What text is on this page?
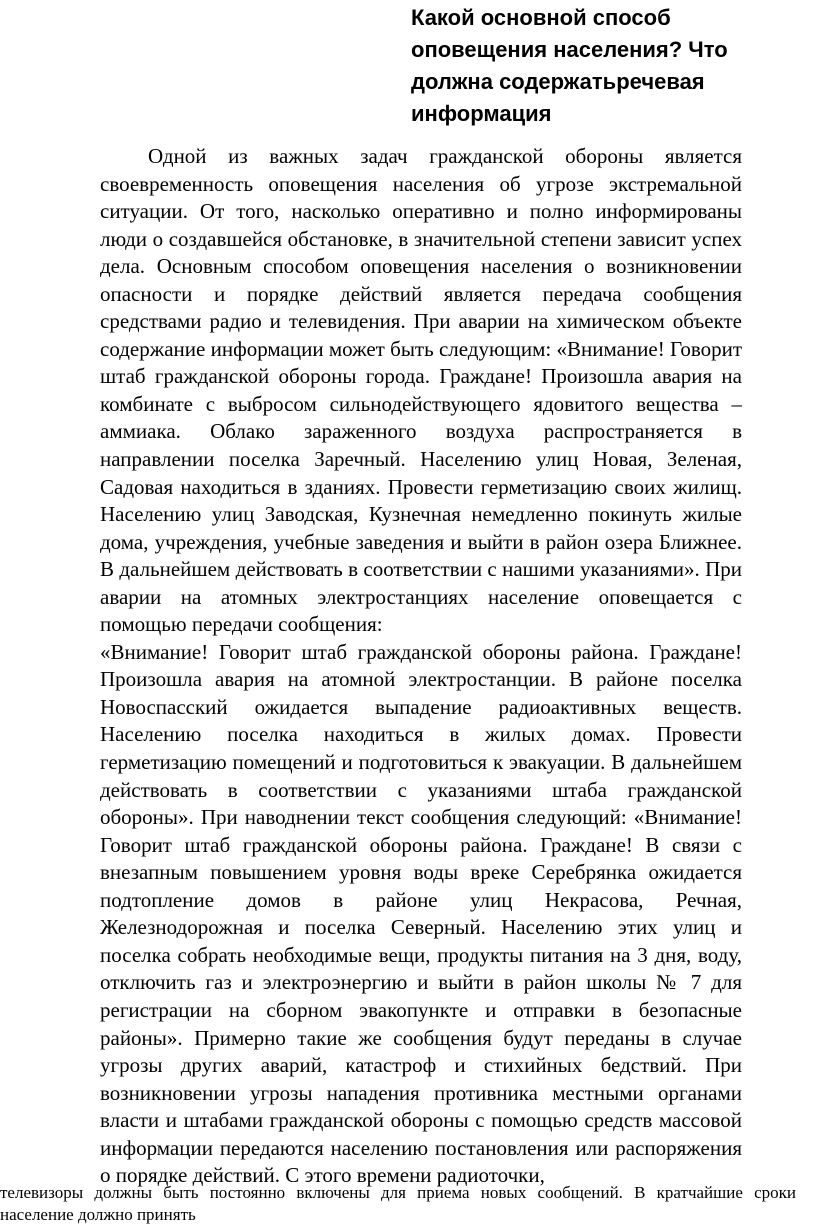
Какой основной способ оповещения населения? Что должна содержатьречевая информация

Одной из важных задач гражданской обороны является своевременность оповещения населения об угрозе экстремальной ситуации. От того, насколько оперативно и полно информированы люди о создавшейся обстановке, в значительной степени зависит успех дела. Основным способом оповещения населения о возникновении опасности и порядке действий является передача сообщения средствами радио и телевидения. При аварии на химическом объекте содержание информации может быть следующим: «Внимание! Говорит штаб гражданской обороны города. Граждане! Произошла авария на комбинате с выбросом сильнодействующего ядовитого вещества – аммиака. Облако зараженного воздуха распространяется в направлении поселка Заречный. Населению улиц Новая, Зеленая, Садовая находиться в зданиях. Провести герметизацию своих жилищ. Населению улиц Заводская, Кузнечная немедленно покинуть жилые дома, учреждения, учебные заведения и выйти в район озера Ближнее. В дальнейшем действовать в соответствии с нашими указаниями». При аварии на атомных электростанциях население оповещается с помощью передачи сообщения:

«Внимание! Говорит штаб гражданской обороны района. Граждане! Произошла авария на атомной электростанции. В районе поселка Новоспасский ожидается выпадение радиоактивных веществ. Населению поселка находиться в жилых домах. Провести герметизацию помещений и подготовиться к эвакуации. В дальнейшем действовать в соответствии с указаниями штаба гражданской обороны». При наводнении текст сообщения следующий: «Внимание! Говорит штаб гражданской обороны района. Граждане! В связи с внезапным повышением уровня воды вреке Серебрянка ожидается подтопление домов в районе улиц Некрасова, Речная, Железнодорожная и поселка Северный. Населению этих улиц и поселка собрать необходимые вещи, продукты питания на 3 дня, воду, отключить газ и электроэнергию и выйти в район школы № 7 для регистрации на сборном эвакопункте и отправки в безопасные районы». Примерно такие же сообщения будут переданы в случае угрозы других аварий, катастроф и стихийных бедствий. При возникновении угрозы нападения противника местными органами власти и штабами гражданской обороны с помощью средств массовой информации передаются населению постановления или распоряжения о порядке действий. С этого времени радиоточки,

телевизоры должны быть постоянно включены для приема новых сообщений. В кратчайшие сроки население должно принять
